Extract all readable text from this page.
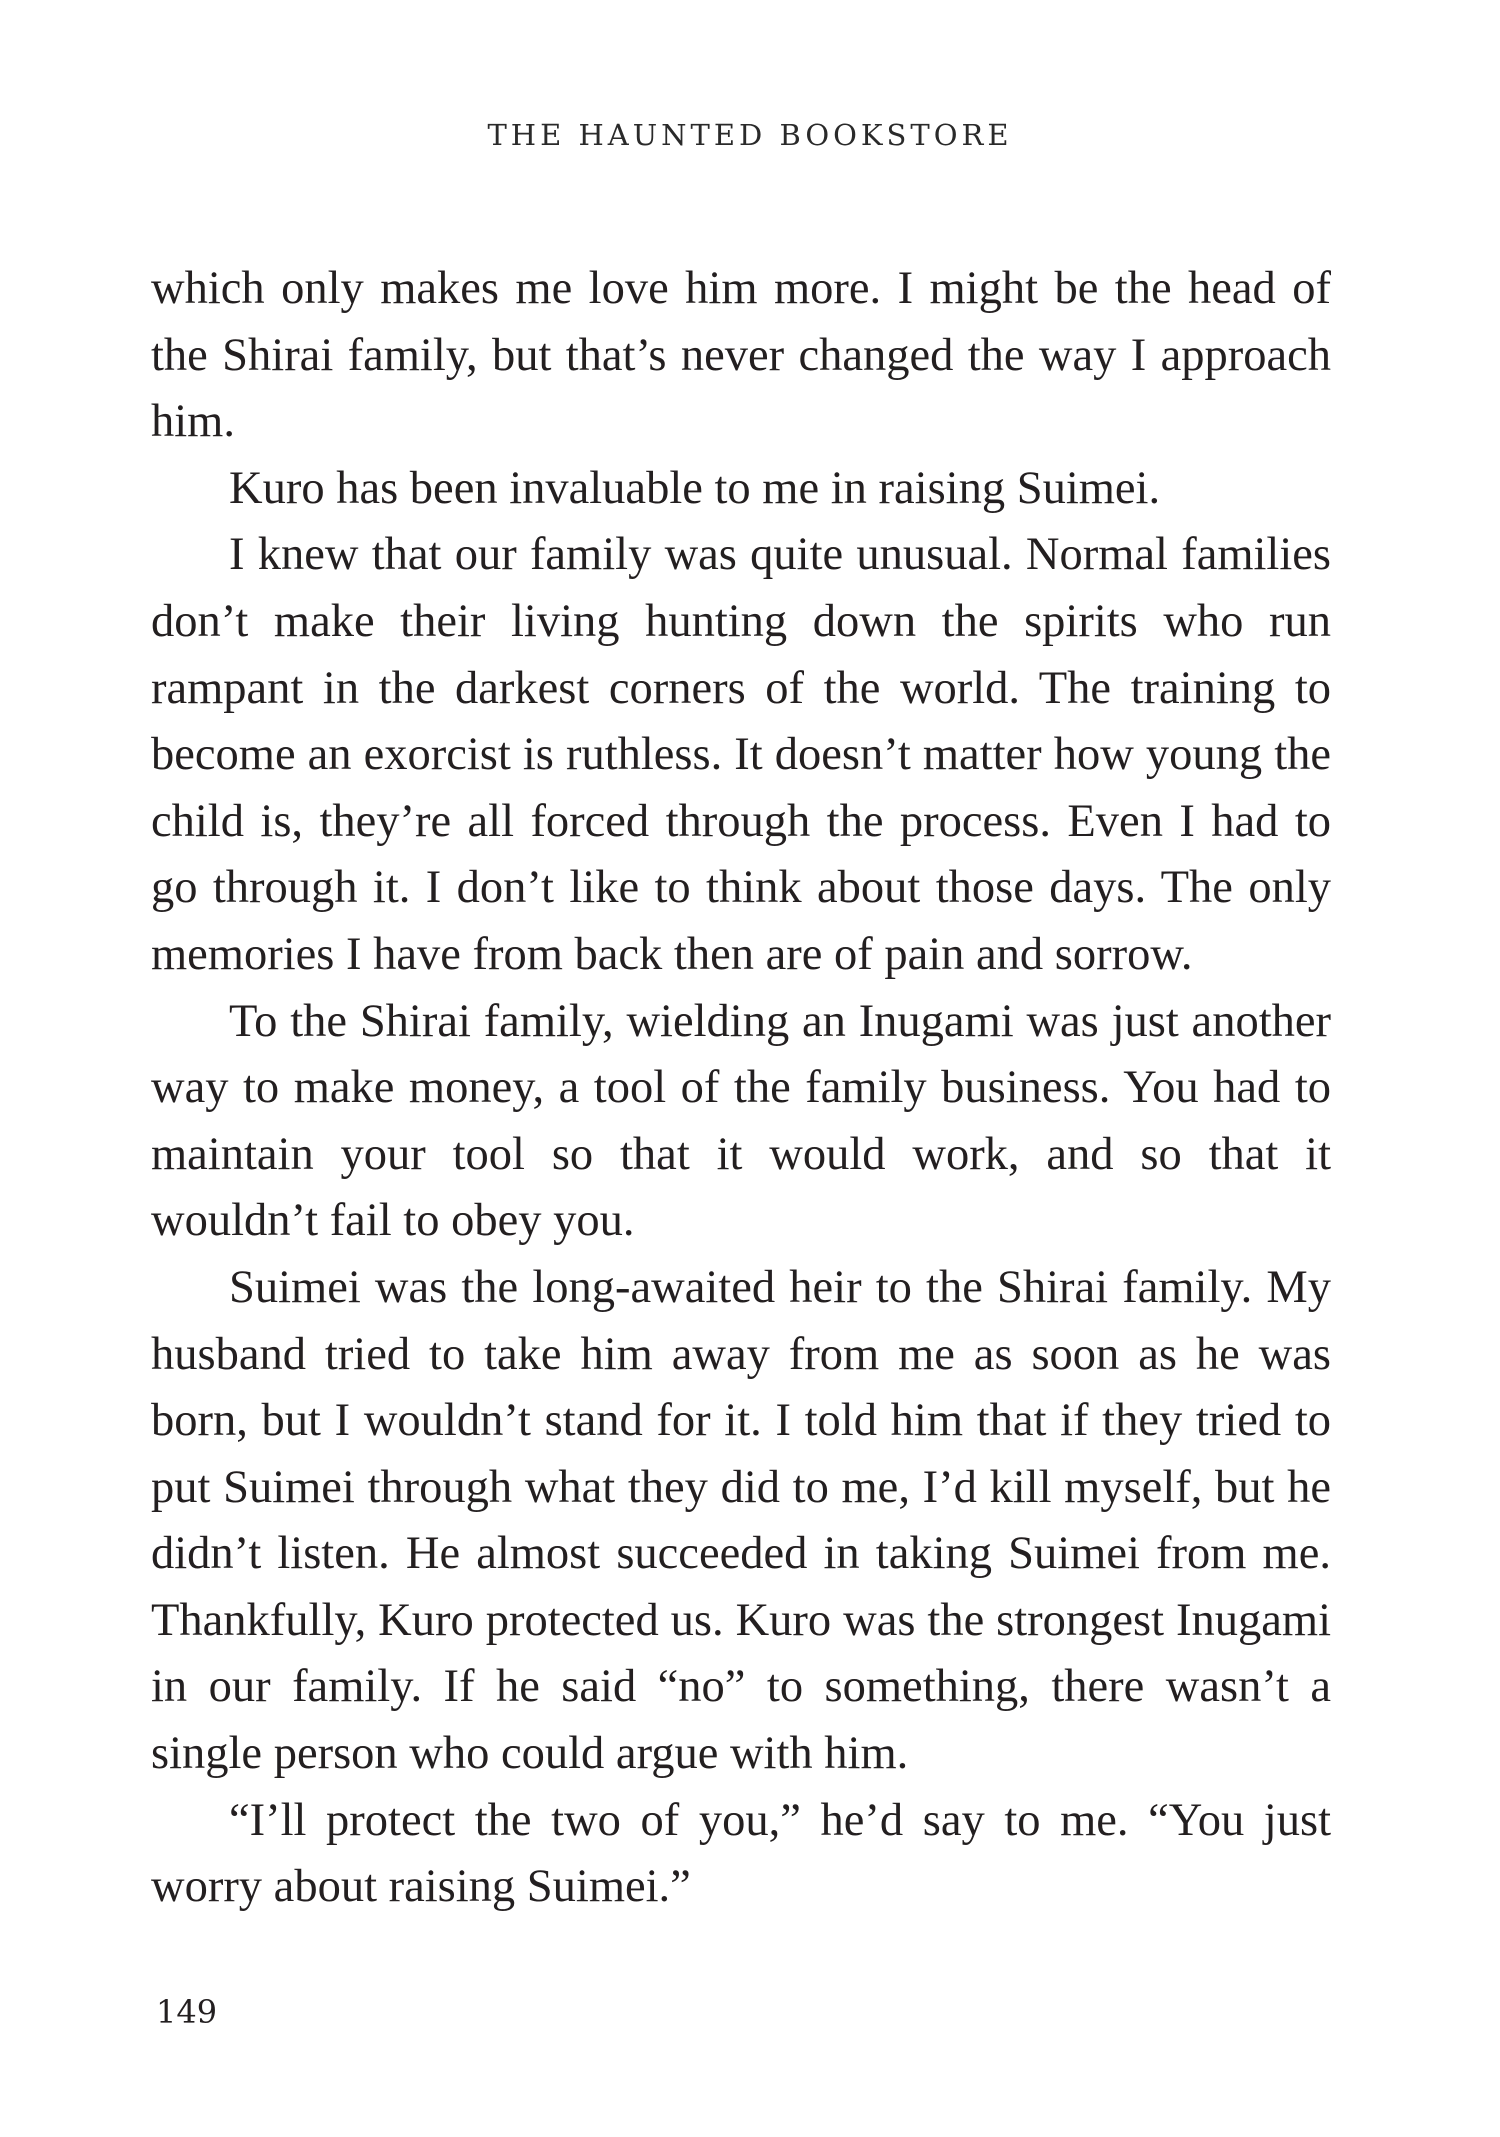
THE HAUNTED BOOKSTORE

which only makes me love him more. I might be the head of the Shirai family, but that’s never changed the way I approach him.

Kuro has been invaluable to me in raising Suimei.

I knew that our family was quite unusual. Normal families don’t make their living hunting down the spirits who run rampant in the darkest corners of the world. The training to become an exorcist is ruthless. It doesn’t matter how young the child is, they’re all forced through the process. Even I had to go through it. I don’t like to think about those days. The only memories I have from back then are of pain and sorrow.

To the Shirai family, wielding an Inugami was just another way to make money, a tool of the family business. You had to maintain your tool so that it would work, and so that it wouldn’t fail to obey you.

Suimei was the long-awaited heir to the Shirai family. My husband tried to take him away from me as soon as he was born, but I wouldn’t stand for it. I told him that if they tried to put Suimei through what they did to me, I’d kill myself, but he didn’t listen. He almost succeeded in taking Suimei from me. Thankfully, Kuro protected us. Kuro was the strongest Inugami in our family. If he said “no” to something, there wasn’t a single person who could argue with him.

“I’ll protect the two of you,” he’d say to me. “You just worry about raising Suimei.”

149
